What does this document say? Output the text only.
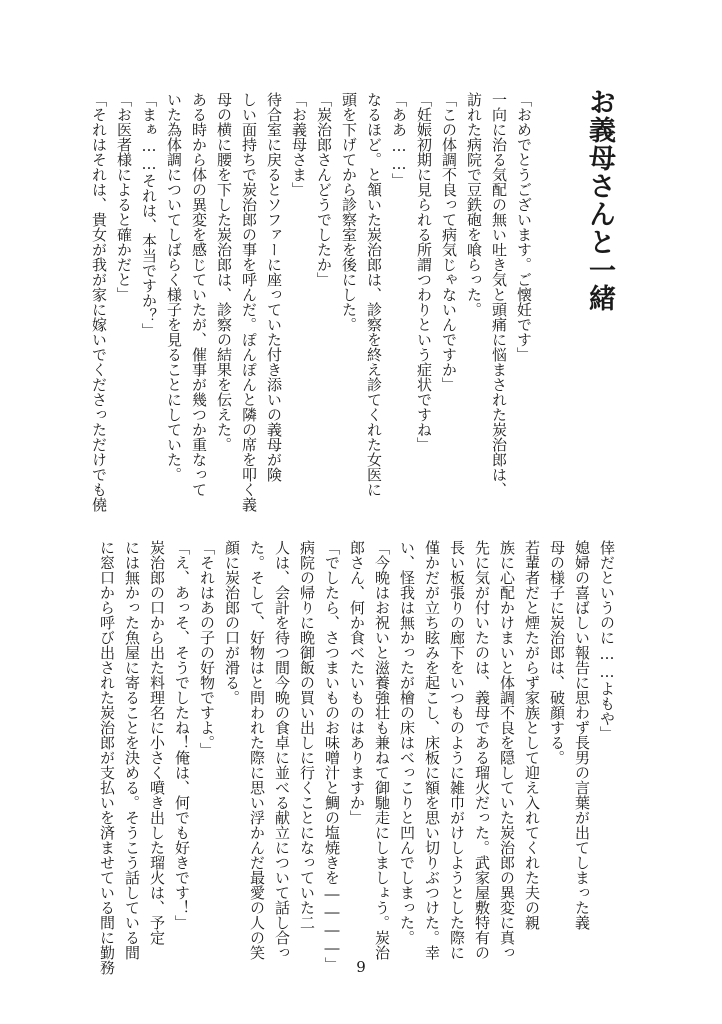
お義母さんと一緒
「おめでとうございます。ご懐妊です」
一向に治る気配の無い吐き気と頭痛に悩まされた炭治郎は、
訪れた病院で豆鉄砲を喰らった。
「この体調不良って病気じゃないんですか」
「妊娠初期に見られる所謂つわりという症状ですね」
「ああ……」
なるほど。と頷いた炭治郎は、診察を終え診てくれた女医に
頭を下げてから診察室を後にした。
「炭治郎さんどうでしたか」
「お義母さま」
待合室に戻るとソファーに座っていた付き添いの義母が険
しい面持ちで炭治郎の事を呼んだ。ぽんぽんと隣の席を叩く義
母の横に腰を下した炭治郎は、診察の結果を伝えた。
ある時から体の異変を感じていたが、催事が幾つか重なって
いた為体調についてしばらく様子を見ることにしていた。
「まぁ……それは、本当ですか？」
「お医者様によると確かだと」
「それはそれは、貴女が我が家に嫁いでくださっただけでも僥
倖だというのに……よもや」
媳婦の喜ばしい報告に思わず長男の言葉が出てしまった義
母の様子に炭治郎は、破顔する。
若輩者だと煙たがらず家族として迎え入れてくれた夫の親
族に心配かけまいと体調不良を隠していた炭治郎の異変に真っ
先に気が付いたのは、義母である瑠火だった。武家屋敷特有の
長い板張りの廊下をいつものように雑巾がけしようとした際に
僅かだが立ち眩みを起こし、床板に額を思い切りぶつけた。幸
い、怪我は無かったが檜の床はべっこりと凹んでしまった。
「今晩はお祝いと滋養強壮も兼ねて御馳走にしましょう。炭治
郎さん、何か食べたいものはありますか」
「でしたら、さつまいものお味噌汁と鯛の塩焼きを――――」
病院の帰りに晩御飯の買い出しに行くことになっていた二
人は、会計を待つ間今晩の食卓に並べる献立について話し合っ
た。そして、好物はと問われた際に思い浮かんだ最愛の人の笑
顔に炭治郎の口が滑る。
「それはあの子の好物ですよ。」
「え、あっそ、そうでしたね！俺は、何でも好きです！」
炭治郎の口から出た料理名に小さく噴き出した瑠火は、予定
には無かった魚屋に寄ることを決める。そうこう話している間
に窓口から呼び出された炭治郎が支払いを済ませている間に勤務	9
